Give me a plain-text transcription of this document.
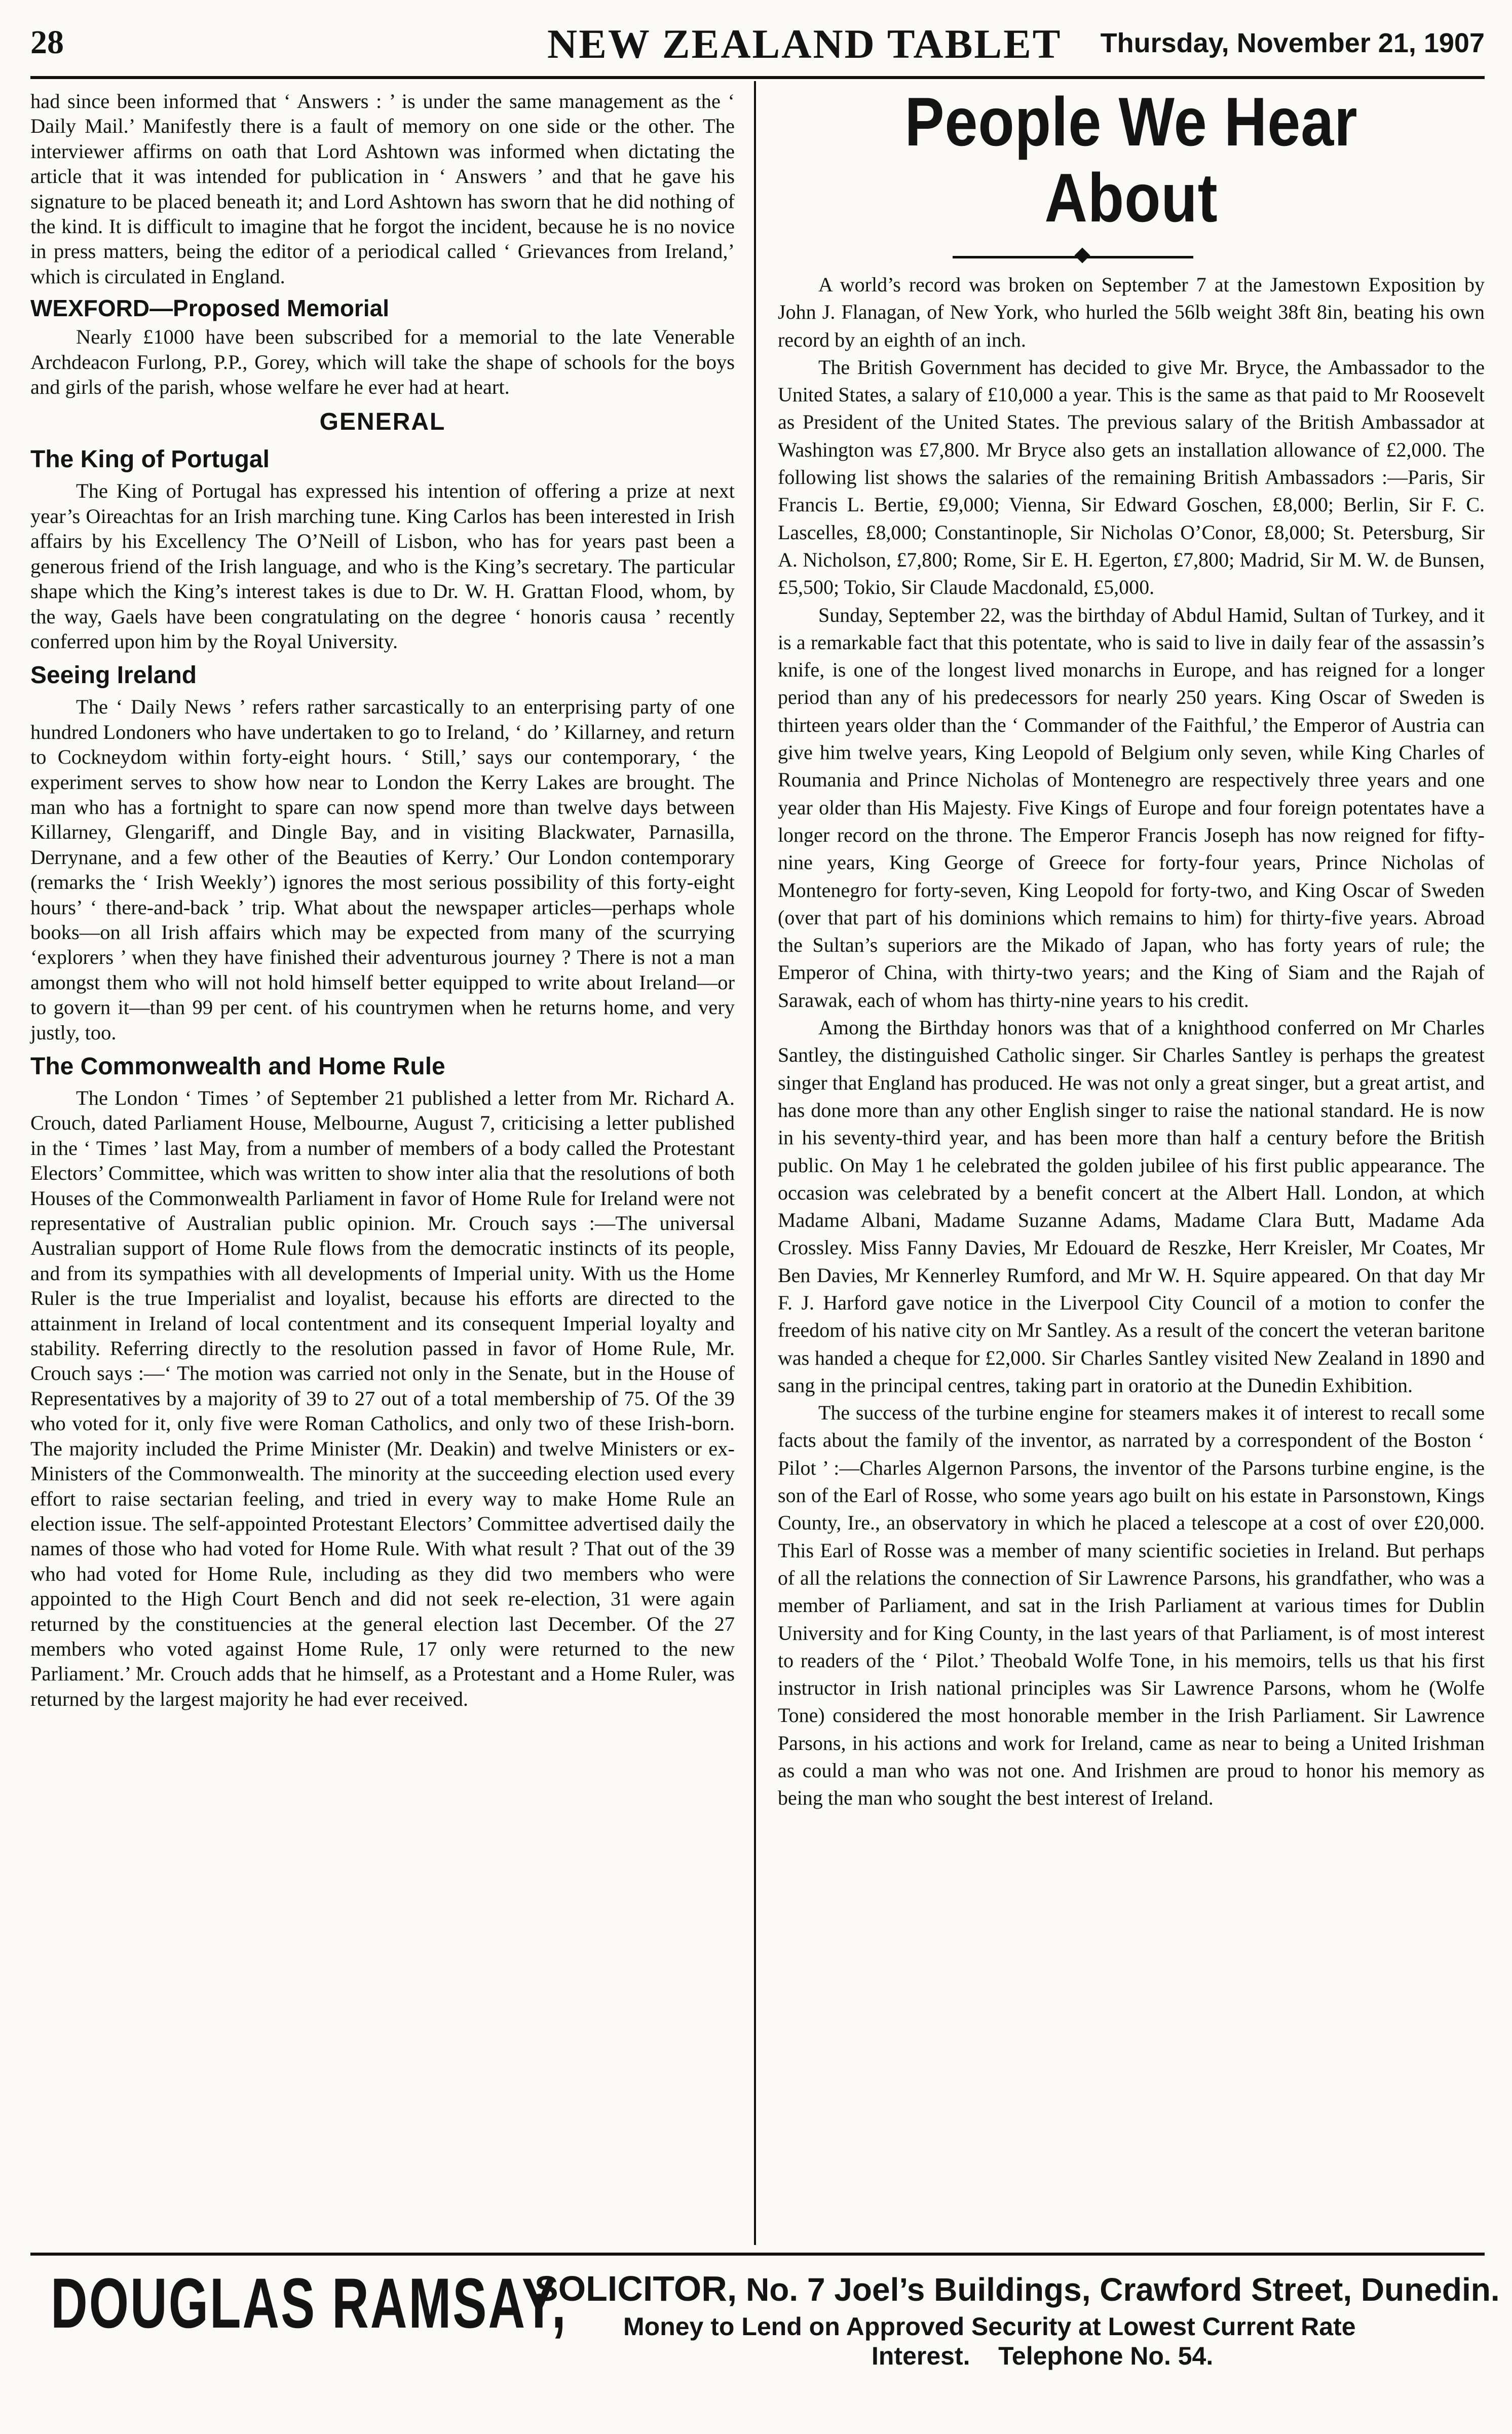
28	NEW ZEALAND TABLET Thursday, November 21, 1907

had since been informed that ‘ Answers : ’ is under the same management as the ‘ Daily Mail.’ Manifestly there is a fault of memory on one side or the other. The interviewer affirms on oath that Lord Ashtown was informed when dictating the article that it was intended for publication in ‘ Answers ’ and that he gave his signature to be placed beneath it; and Lord Ashtown has sworn that he did nothing of the kind. It is difficult to imagine that he forgot the incident, because he is no novice in press matters, being the editor of a periodical called ‘ Grievances from Ireland,’ which is circulated in England.

WEXFORD—Proposed Memorial

Nearly £1000 have been subscribed for a memorial to the late Venerable Archdeacon Furlong, P.P., Gorey, which will take the shape of schools for the boys and girls of the parish, whose welfare he ever had at heart.

GENERAL
The King of Portugal

The King of Portugal has expressed his intention of offering a prize at next year’s Oireachtas for an Irish marching tune. King Carlos has been interested in Irish affairs by his Excellency The O’Neill of Lisbon, who has for years past been a generous friend of the Irish language, and who is the King’s secretary. The particular shape which the King’s interest takes is due to Dr. W. H. Grattan Flood, whom, by the way, Gaels have been congratulating on the degree ‘ honoris causa ’ recently conferred upon him by the Royal University.

Seeing Ireland

The ‘ Daily News ’ refers rather sarcastically to an enterprising party of one hundred Londoners who have undertaken to go to Ireland, ‘ do ’ Killarney, and return to Cockneydom within forty-eight hours. ‘ Still,’ says our contemporary, ‘ the experiment serves to show how near to London the Kerry Lakes are brought. The man who has a fortnight to spare can now spend more than twelve days between Killarney, Glengariff, and Dingle Bay, and in visiting Blackwater, Parnasilla, Derrynane, and a few other of the Beauties of Kerry.’ Our London contemporary (remarks the ‘ Irish Weekly’) ignores the most serious possibility of this forty-eight hours’ ‘ there-and-back ’ trip. What about the newspaper articles—perhaps whole books—on all Irish affairs which may be expected from many of the scurrying ‘explorers ’ when they have finished their adventurous journey ? There is not a man amongst them who will not hold himself better equipped to write about Ireland—or to govern it—than 99 per cent. of his countrymen when he returns home, and very justly, too.

The Commonwealth and Home Rule

The London ‘ Times ’ of September 21 published a letter from Mr. Richard A. Crouch, dated Parliament House, Melbourne, August 7, criticising a letter published in the ‘ Times ’ last May, from a number of members of a body called the Protestant Electors’ Committee, which was written to show inter alia that the resolutions of both Houses of the Commonwealth Parliament in favor of Home Rule for Ireland were not representative of Australian public opinion. Mr. Crouch says :—The universal Australian support of Home Rule flows from the democratic instincts of its people, and from its sympathies with all developments of Imperial unity. With us the Home Ruler is the true Imperialist and loyalist, because his efforts are directed to the attainment in Ireland of local contentment and its consequent Imperial loyalty and stability. Referring directly to the resolution passed in favor of Home Rule, Mr. Crouch says :—‘ The motion was carried not only in the Senate, but in the House of Representatives by a majority of 39 to 27 out of a total membership of 75. Of the 39 who voted for it, only five were Roman Catholics, and only two of these Irish-born. The majority included the Prime Minister (Mr. Deakin) and twelve Ministers or ex-Ministers of the Commonwealth. The minority at the succeeding election used every effort to raise sectarian feeling, and tried in every way to make Home Rule an election issue. The self-appointed Protestant Electors’ Committee advertised daily the names of those who had voted for Home Rule. With what result ? That out of the 39 who had voted for Home Rule, including as they did two members who were appointed to the High Court Bench and did not seek re-election, 31 were again returned by the constituencies at the general election last December. Of the 27 members who voted against Home Rule, 17 only were returned to the new Parliament.’ Mr. Crouch adds that he himself, as a Protestant and a Home Ruler, was returned by the largest majority he had ever received.

People We Hear About

A world’s record was broken on September 7 at the Jamestown Exposition by John J. Flanagan, of New York, who hurled the 56lb weight 38ft 8in, beating his own record by an eighth of an inch.

The British Government has decided to give Mr. Bryce, the Ambassador to the United States, a salary of £10,000 a year. This is the same as that paid to Mr Roosevelt as President of the United States. The previous salary of the British Ambassador at Washington was £7,800. Mr Bryce also gets an installation allowance of £2,000. The following list shows the salaries of the remaining British Ambassadors :—Paris, Sir Francis L. Bertie, £9,000; Vienna, Sir Edward Goschen, £8,000; Berlin, Sir F. C. Lascelles, £8,000; Constantinople, Sir Nicholas O’Conor, £8,000; St. Petersburg, Sir A. Nicholson, £7,800; Rome, Sir E. H. Egerton, £7,800; Madrid, Sir M. W. de Bunsen, £5,500; Tokio, Sir Claude Macdonald, £5,000.

Sunday, September 22, was the birthday of Abdul Hamid, Sultan of Turkey, and it is a remarkable fact that this potentate, who is said to live in daily fear of the assassin’s knife, is one of the longest lived monarchs in Europe, and has reigned for a longer period than any of his predecessors for nearly 250 years. King Oscar of Sweden is thirteen years older than the ‘ Commander of the Faithful,’ the Emperor of Austria can give him twelve years, King Leopold of Belgium only seven, while King Charles of Roumania and Prince Nicholas of Montenegro are respectively three years and one year older than His Majesty. Five Kings of Europe and four foreign potentates have a longer record on the throne. The Emperor Francis Joseph has now reigned for fifty-nine years, King George of Greece for forty-four years, Prince Nicholas of Montenegro for forty-seven, King Leopold for forty-two, and King Oscar of Sweden (over that part of his dominions which remains to him) for thirty-five years. Abroad the Sultan’s superiors are the Mikado of Japan, who has forty years of rule; the Emperor of China, with thirty-two years; and the King of Siam and the Rajah of Sarawak, each of whom has thirty-nine years to his credit.

Among the Birthday honors was that of a knighthood conferred on Mr Charles Santley, the distinguished Catholic singer. Sir Charles Santley is perhaps the greatest singer that England has produced. He was not only a great singer, but a great artist, and has done more than any other English singer to raise the national standard. He is now in his seventy-third year, and has been more than half a century before the British public. On May 1 he celebrated the golden jubilee of his first public appearance. The occasion was celebrated by a benefit concert at the Albert Hall. London, at which Madame Albani, Madame Suzanne Adams, Madame Clara Butt, Madame Ada Crossley. Miss Fanny Davies, Mr Edouard de Reszke, Herr Kreisler, Mr Coates, Mr Ben Davies, Mr Kennerley Rumford, and Mr W. H. Squire appeared. On that day Mr F. J. Harford gave notice in the Liverpool City Council of a motion to confer the freedom of his native city on Mr Santley. As a result of the concert the veteran baritone was handed a cheque for £2,000. Sir Charles Santley visited New Zealand in 1890 and sang in the principal centres, taking part in oratorio at the Dunedin Exhibition.

The success of the turbine engine for steamers makes it of interest to recall some facts about the family of the inventor, as narrated by a correspondent of the Boston ‘ Pilot ’ :—Charles Algernon Parsons, the inventor of the Parsons turbine engine, is the son of the Earl of Rosse, who some years ago built on his estate in Parsonstown, Kings County, Ire., an observatory in which he placed a telescope at a cost of over £20,000. This Earl of Rosse was a member of many scientific societies in Ireland. But perhaps of all the relations the connection of Sir Lawrence Parsons, his grandfather, who was a member of Parliament, and sat in the Irish Parliament at various times for Dublin University and for King County, in the last years of that Parliament, is of most interest to readers of the ‘ Pilot.’ Theobald Wolfe Tone, in his memoirs, tells us that his first instructor in Irish national principles was Sir Lawrence Parsons, whom he (Wolfe Tone) considered the most honorable member in the Irish Parliament. Sir Lawrence Parsons, in his actions and work for Ireland, came as near to being a United Irishman as could a man who was not one. And Irishmen are proud to honor his memory as being the man who sought the best interest of Ireland.

DOUGLAS RAMSAY,
SOLICITOR, No. 7 Joel’s Buildings, Crawford Street, Dunedin.
Money to Lend on Approved Security at Lowest Current Rate
Interest. Telephone No. 54.
